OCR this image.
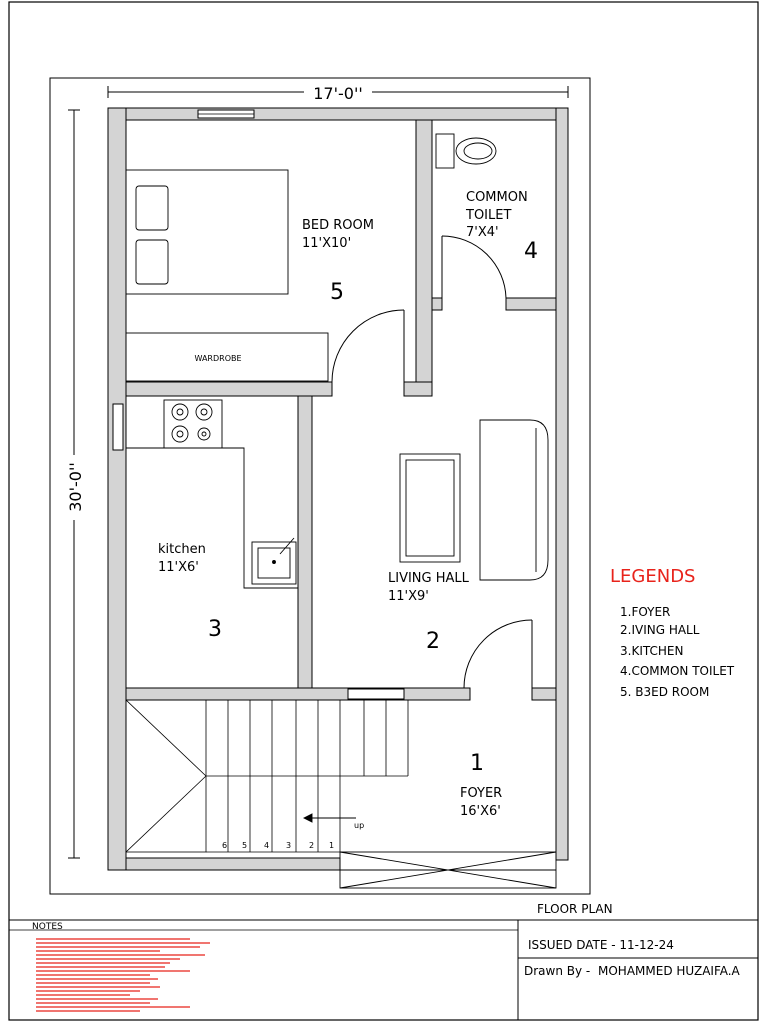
17'-0''
30'-0''
WARDROBE
BED ROOM
11'X10'
5
COMMON
TOILET
7'X4'
4
kitchen
11'X6'
3
LIVING HALL
11'X9'
2
up
6 5 4 3 2 1
1
FOYER
16'X6'
LEGENDS
1.FOYER
2.IVING HALL
3.KITCHEN
4.COMMON TOILET
5. B3ED ROOM
FLOOR PLAN
NOTES
ISSUED DATE - 11-12-24
Drawn By - MOHAMMED HUZAIFA.A
